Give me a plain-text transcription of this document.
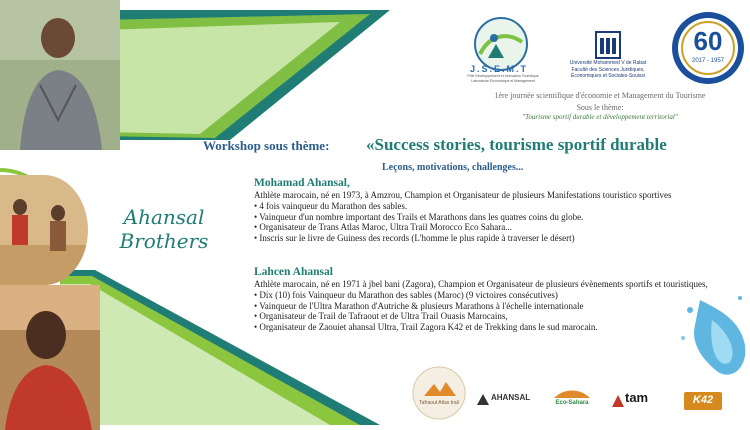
Ahansal Brothers
J.S.E.M.T
Pôle Développement et Innovation Touristique Laboratoire Économique et Management
Université Mohammed V de Rabat
Faculté des Sciences Juridiques, Économiques et Sociales-Souissi
60
2017 - 1957
1ère journée scientifique d'économie et Management du Tourisme
Sous le thème:
"Tourisme sportif durable et développement territorial"
Workshop sous thème: «Success stories, tourisme sportif durable
Leçons, motivations, challenges...
Mohamad Ahansal,
Athlète marocain, né en 1973, à Amzrou, Champion et Organisateur de plusieurs Manifestations touristico sportives
• 4 fois vainqueur du Marathon des sables.
• Vainqueur d'un nombre important des Trails et Marathons dans les quatres coins du globe.
• Organisateur de Trans Atlas Maroc, Ultra Trail Morocco Eco Sahara...
• Inscris sur le livre de Guiness des records (L'homme le plus rapide à traverser le désert)
Lahcen Ahansal
Athlète marocain, né en 1971 à jbel bani (Zagora), Champion et Organisateur de plusieurs évènements sportifs et touristiques,
• Dix (10) fois Vainqueur du Marathon des sables (Maroc) (9 victoires consécutives)
• Vainqueur de l'Ultra Marathon d'Autriche & plusieurs Marathons à l'échelle internationale
• Organisateur de Trail de Tafraout et de Ultra Trail Ouasis Marocains,
• Organisateur de Zaouiet ahansal Ultra, Trail Zagora K42 et de Trekking dans le sud marocain.
Tafraout Atlas trail
AHANSAL
Eco-Sahara	tam	K42
